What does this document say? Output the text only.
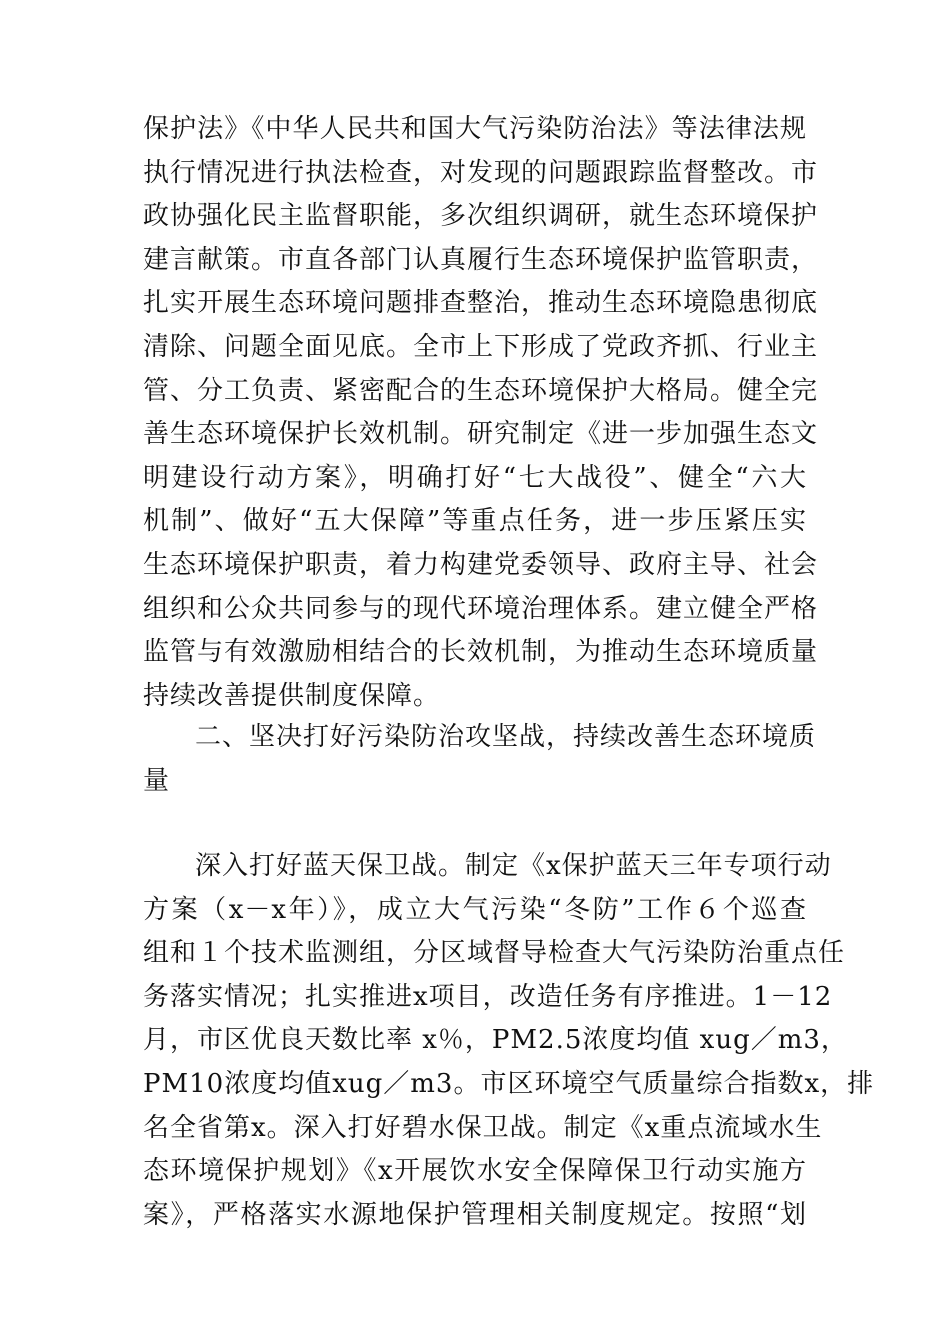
保护法》《中华人民共和国大气污染防治法》等法律法规
执行情况进行执法检查，对发现的问题跟踪监督整改。市
政协强化民主监督职能，多次组织调研，就生态环境保护
建言献策。市直各部门认真履行生态环境保护监管职责，
扎实开展生态环境问题排查整治，推动生态环境隐患彻底
清除、问题全面见底。全市上下形成了党政齐抓、行业主
管、分工负责、紧密配合的生态环境保护大格局。健全完
善生态环境保护长效机制。研究制定《进一步加强生态文
明建设行动方案》，明确打好“七大战役”、健全“六大
机制”、做好“五大保障”等重点任务，进一步压紧压实
生态环境保护职责，着力构建党委领导、政府主导、社会
组织和公众共同参与的现代环境治理体系。建立健全严格
监管与有效激励相结合的长效机制，为推动生态环境质量
持续改善提供制度保障。
二、坚决打好污染防治攻坚战，持续改善生态环境质
量
深入打好蓝天保卫战。制定《x保护蓝天三年专项行动
方案（x－x年）》，成立大气污染“冬防”工作６个巡查
组和１个技术监测组，分区域督导检查大气污染防治重点任
务落实情况；扎实推进x项目，改造任务有序推进。1－12
月，市区优良天数比率 x％，PM2.5浓度均值 xug／m3，
PM10浓度均值xug／m3。市区环境空气质量综合指数x，排
名全省第x。深入打好碧水保卫战。制定《x重点流域水生
态环境保护规划》《x开展饮水安全保障保卫行动实施方
案》，严格落实水源地保护管理相关制度规定。按照“划
